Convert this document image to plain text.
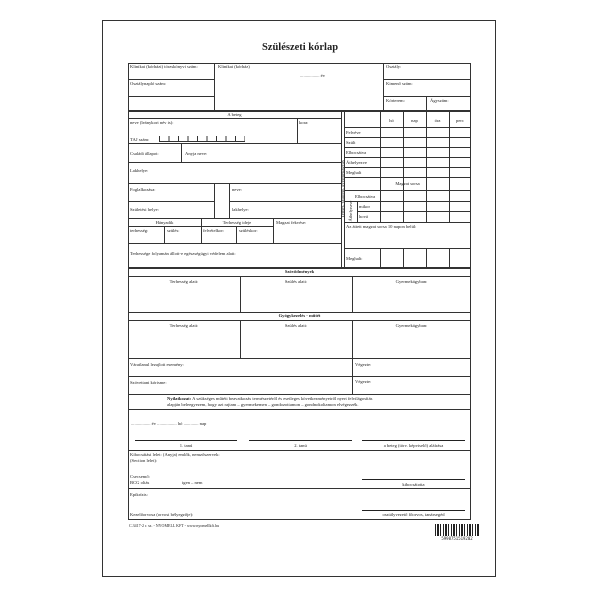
Szülészeti kórlap
Klinikai (kórházi) törzskönyvi szám:
Osztálynapló szám:
Klinikai (kórház)
................. év
Osztály:
Kimenő szám:
Kórterem:	Ágyszám:
A beteg
neve (leánykori név is):	kora:
TAJ szám:
Családi állapot:	Anyja neve:
Lakhelye:
Foglalkozása:	neve:
Születési helye:	lakhelye:
Hányadik	Terhesség ideje	Magzat fekvése:
terhesség:	szülés:	felvételkor:	szüléskor:
Terhessége folyamán állott-e egészségügyi védelem alatt:
Terhes, szülőnő, gyermekágyas
hó	nap	óra	perc
Felvéve
Szült
Elbocsátva
Áthelyezve
Meghalt
Magzat sorsa
Elbocsátva
Áthelyezve mikor
hová
Az áttett magzat sorsa 10 napon belül:
Meghalt:
Szövődmények
Terhesség alatt:	Szülés alatt:	Gyermekágyban:
Gyógykezelés - műtét
Terhesség alatt:	Szülés alatt:	Gyermekágyban:
Váratlanul lezajlott esemény:	Végezte:
Szövettani kórisme:	Végezte:
Nyilatkozat: A szükséges műtéti beavatkozás természetéről és esetleges következményeiről nyert felvilágosítás
alapján beleegyezem, hogy azt rajtam – gyermekemen – gondozottamon – gondnokoltamon elvégezzék.
................. év ................. hó ............. nap
1. tanú	2. tanú	a beteg (törv. képviselő) aláírása
Kibocsátási lelet: (Anyja) emlők, nemzőszervek:
(Section lelet):
Csecsemő:
BCG oltás	igen – nem	kibocsátotta
Epikrízis:
Kezelőorvosa (orvosi bélyegzője):	osztályvezető főorvos, tanársegéd
C.3417-2 r. sz. - NYOMELL KFT - www.nyomellkft.hu
5998751519202
